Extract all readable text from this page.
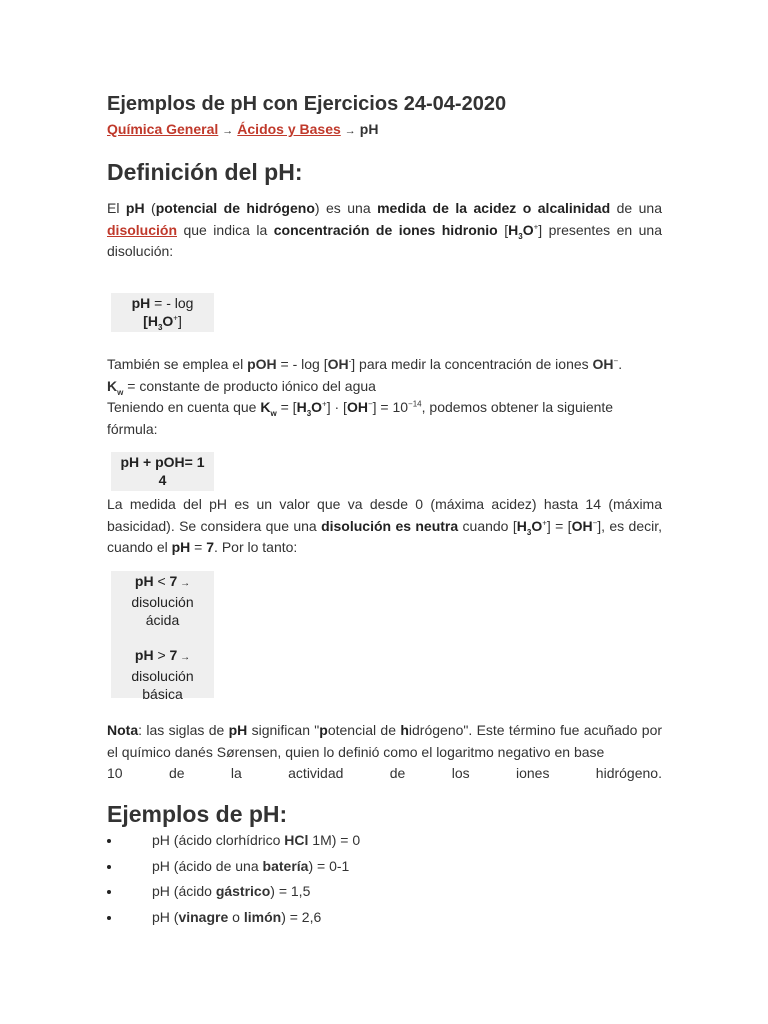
Ejemplos de pH con Ejercicios 24-04-2020
Química General → Ácidos y Bases → pH
Definición del pH:

El pH (potencial de hidrógeno) es una medida de la acidez o alcalinidad de una disolución que indica la concentración de iones hidronio $[H_3O^+]$ presentes en una disolución:

pH = - log
$[H_3O^+]$
También se emplea el pOH = - log [OH-] para medir la concentración de iones OH−.
$K_w$ = constante de producto iónico del agua

Teniendo en cuenta que $K_w = [H_3O^+] \cdot [OH^-] = 10^{-14}$, podemos obtener la siguiente fórmula:

pH + pOH= 1
4

La medida del pH es un valor que va desde 0 (máxima acidez) hasta 14 (máxima basicidad). Se considera que una disolución es neutra cuando $[H_3O^+] = [OH^-]$, es decir, cuando el pH = 7. Por lo tanto:

pH < 7 →
disolución
ácida
pH > 7 →
disolución
básica

Nota: las siglas de pH significan "potencial de hidrógeno". Este término fue acuñado por el químico danés Sørensen, quien lo definió como el logaritmo negativo en base

10	de	la	actividad	de	los	iones	hidrógeno.
Ejemplos de pH:
pH (ácido clorhídrico HCl 1M) = 0
pH (ácido de una batería) = 0-1
pH (ácido gástrico) = 1,5
pH (vinagre o limón) = 2,6
